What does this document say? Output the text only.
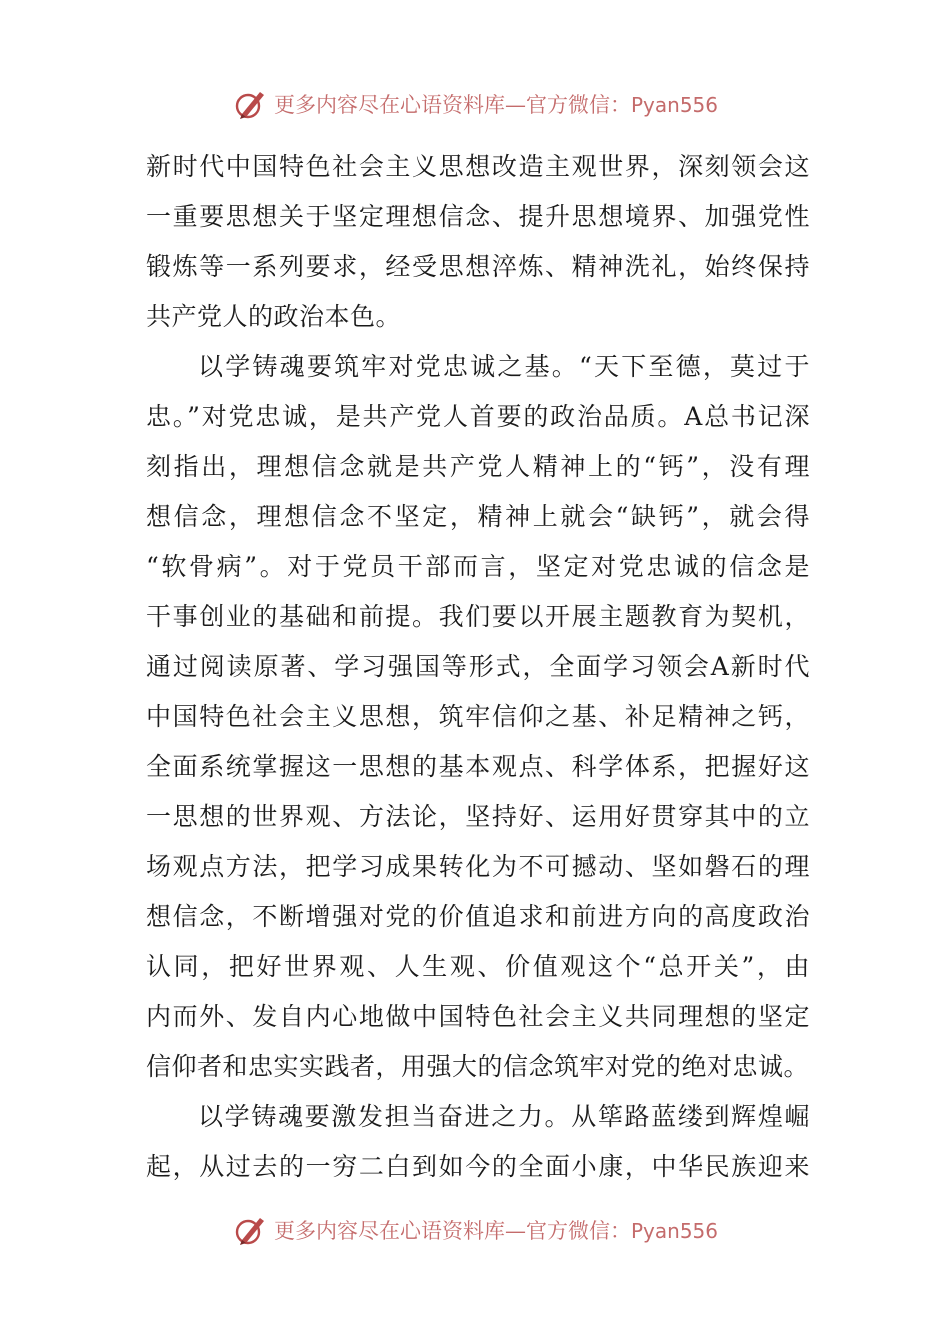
更多内容尽在心语资料库—官方微信：Pyan556
新时代中国特色社会主义思想改造主观世界，深刻领会这
一重要思想关于坚定理想信念、提升思想境界、加强党性
锻炼等一系列要求，经受思想淬炼、精神洗礼，始终保持
共产党人的政治本色。
以学铸魂要筑牢对党忠诚之基。“天下至德，莫过于
忠。”对党忠诚，是共产党人首要的政治品质。A总书记深
刻指出，理想信念就是共产党人精神上的“钙”，没有理
想信念，理想信念不坚定，精神上就会“缺钙”，就会得
“软骨病”。对于党员干部而言，坚定对党忠诚的信念是
干事创业的基础和前提。我们要以开展主题教育为契机，
通过阅读原著、学习强国等形式，全面学习领会A新时代
中国特色社会主义思想，筑牢信仰之基、补足精神之钙，
全面系统掌握这一思想的基本观点、科学体系，把握好这
一思想的世界观、方法论，坚持好、运用好贯穿其中的立
场观点方法，把学习成果转化为不可撼动、坚如磐石的理
想信念，不断增强对党的价值追求和前进方向的高度政治
认同，把好世界观、人生观、价值观这个“总开关”，由
内而外、发自内心地做中国特色社会主义共同理想的坚定
信仰者和忠实实践者，用强大的信念筑牢对党的绝对忠诚。
以学铸魂要激发担当奋进之力。从筚路蓝缕到辉煌崛
起，从过去的一穷二白到如今的全面小康，中华民族迎来
更多内容尽在心语资料库—官方微信：Pyan556
